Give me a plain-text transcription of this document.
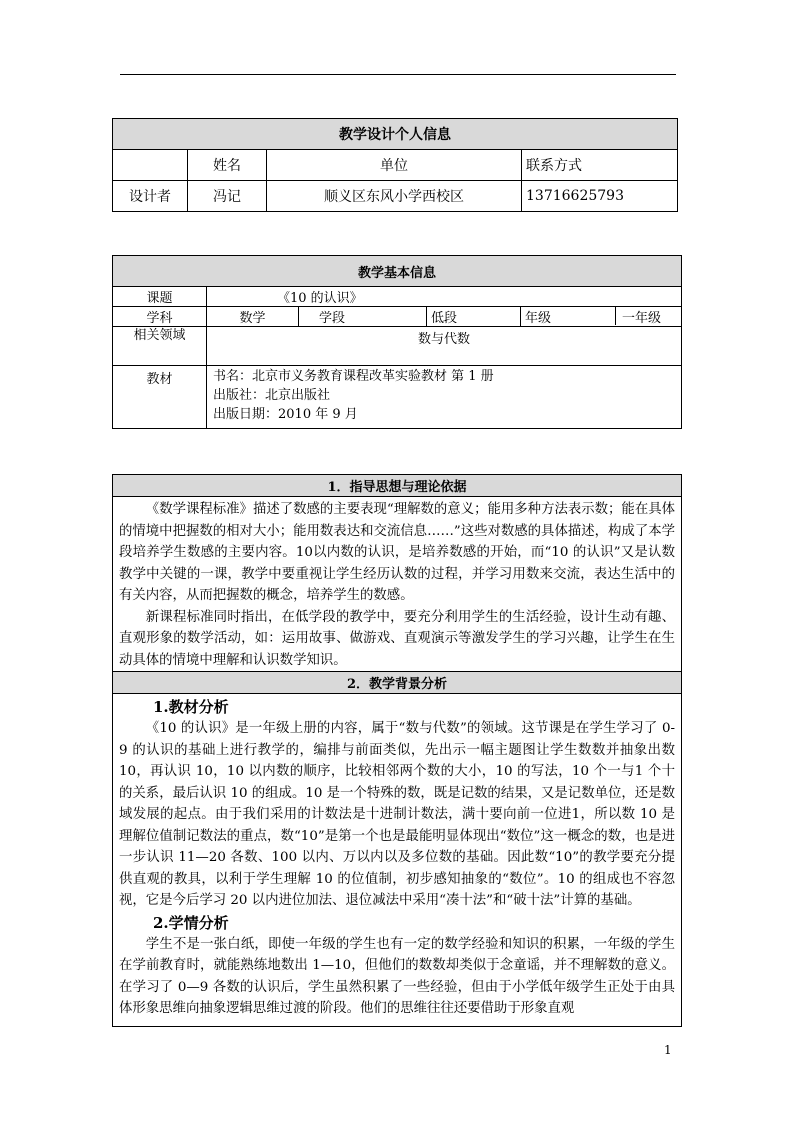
教学设计个人信息			
	姓名	单位	联系方式
设计者	冯记	顺义区东风小学西校区	13716625793
教学基本信息				
课题	《10 的认识》			
学科	数学	学段	低段	年级 一年级
相关领域	数与代数			
教材	书名：北京市义务教育课程改革实验教材 第 1 册
出版社：北京出版社
出版日期：2010 年 9 月			
1．指导思想与理论依据

《数学课程标准》描述了数感的主要表现“理解数的意义；能用多种方法表示数；能在具体的情境中把握数的相对大小；能用数表达和交流信息……”这些对数感的具体描述，构成了本学段培养学生数感的主要内容。10以内数的认识，是培养数感的开始，而“10 的认识”又是认数教学中关键的一课，教学中要重视让学生经历认数的过程，并学习用数来交流，表达生活中的有关内容，从而把握数的概念，培养学生的数感。

新课程标准同时指出，在低学段的教学中，要充分利用学生的生活经验，设计生动有趣、直观形象的数学活动，如：运用故事、做游戏、直观演示等激发学生的学习兴趣，让学生在生动具体的情境中理解和认识数学知识。

2．教学背景分析

1.教材分析

《10 的认识》是一年级上册的内容，属于“数与代数”的领域。这节课是在学生学习了 0-9 的认识的基础上进行教学的，编排与前面类似，先出示一幅主题图让学生数数并抽象出数 10，再认识 10，10 以内数的顺序，比较相邻两个数的大小，10 的写法，10 个一与1 个十的关系，最后认识 10 的组成。10 是一个特殊的数，既是记数的结果，又是记数单位，还是数域发展的起点。由于我们采用的计数法是十进制计数法，满十要向前一位进1，所以数 10 是理解位值制记数法的重点，数“10”是第一个也是最能明显体现出“数位”这一概念的数，也是进一步认识 11—20 各数、100 以内、万以内以及多位数的基础。因此数“10”的教学要充分提供直观的教具，以利于学生理解 10 的位值制，初步感知抽象的“数位”。10 的组成也不容忽视，它是今后学习 20 以内进位加法、退位减法中采用“凑十法”和“破十法”计算的基础。

2.学情分析

学生不是一张白纸，即使一年级的学生也有一定的数学经验和知识的积累，一年级的学生在学前教育时，就能熟练地数出 1—10，但他们的数数却类似于念童谣，并不理解数的意义。在学习了 0—9 各数的认识后，学生虽然积累了一些经验，但由于小学低年级学生正处于由具体形象思维向抽象逻辑思维过渡的阶段。他们的思维往往还要借助于形象直观

1
